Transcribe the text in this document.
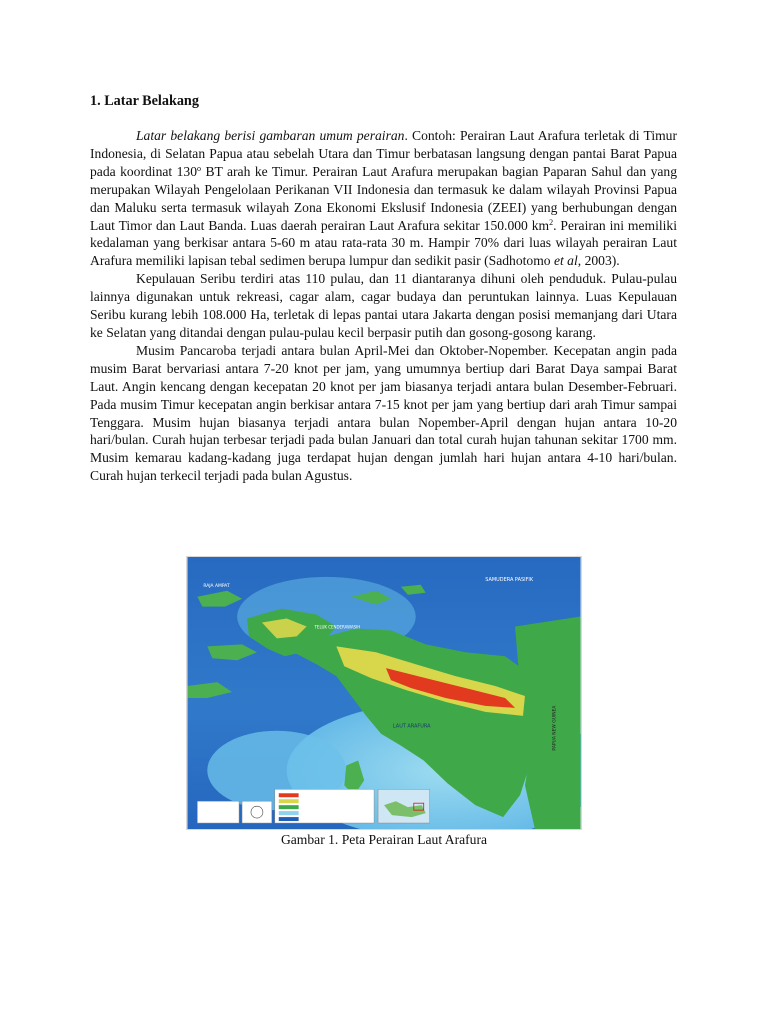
1. Latar Belakang

Latar belakang berisi gambaran umum perairan. Contoh: Perairan Laut Arafura terletak di Timur Indonesia, di Selatan Papua atau sebelah Utara dan Timur berbatasan langsung dengan pantai Barat Papua pada koordinat 130$^o$ BT arah ke Timur. Perairan Laut Arafura merupakan bagian Paparan Sahul dan yang merupakan Wilayah Pengelolaan Perikanan VII Indonesia dan termasuk ke dalam wilayah Provinsi Papua dan Maluku serta termasuk wilayah Zona Ekonomi Ekslusif Indonesia (ZEEI) yang berhubungan dengan Laut Timor dan Laut Banda. Luas daerah perairan Laut Arafura sekitar 150.000 $km^2$. Perairan ini memiliki kedalaman yang berkisar antara 5-60 m atau rata-rata 30 m. Hampir 70% dari luas wilayah perairan Laut Arafura memiliki lapisan tebal sedimen berupa lumpur dan sedikit pasir (Sadhotomo et al, 2003).

Kepulauan Seribu terdiri atas 110 pulau, dan 11 diantaranya dihuni oleh penduduk. Pulau-pulau lainnya digunakan untuk rekreasi, cagar alam, cagar budaya dan peruntukan lainnya. Luas Kepulauan Seribu kurang lebih 108.000 Ha, terletak di lepas pantai utara Jakarta dengan posisi memanjang dari Utara ke Selatan yang ditandai dengan pulau-pulau kecil berpasir putih dan gosong-gosong karang.

Musim Pancaroba terjadi antara bulan April-Mei dan Oktober-Nopember. Kecepatan angin pada musim Barat bervariasi antara 7-20 knot per jam, yang umumnya bertiup dari Barat Daya sampai Barat Laut. Angin kencang dengan kecepatan 20 knot per jam biasanya terjadi antara bulan Desember-Februari. Pada musim Timur kecepatan angin berkisar antara 7-15 knot per jam yang bertiup dari arah Timur sampai Tenggara. Musim hujan biasanya terjadi antara bulan Nopember-April dengan hujan antara 10-20 hari/bulan. Curah hujan terbesar terjadi pada bulan Januari dan total curah hujan tahunan sekitar 1700 mm. Musim kemarau kadang-kadang juga terdapat hujan dengan jumlah hari hujan antara 4-10 hari/bulan. Curah hujan terkecil terjadi pada bulan Agustus.

SAMUDERA PASIFIK
RAJA AMPAT
TELUK CENDERAWASIH
LAUT ARAFURA	PAPUA NEW GUINEA
Gambar 1. Peta Perairan Laut Arafura
